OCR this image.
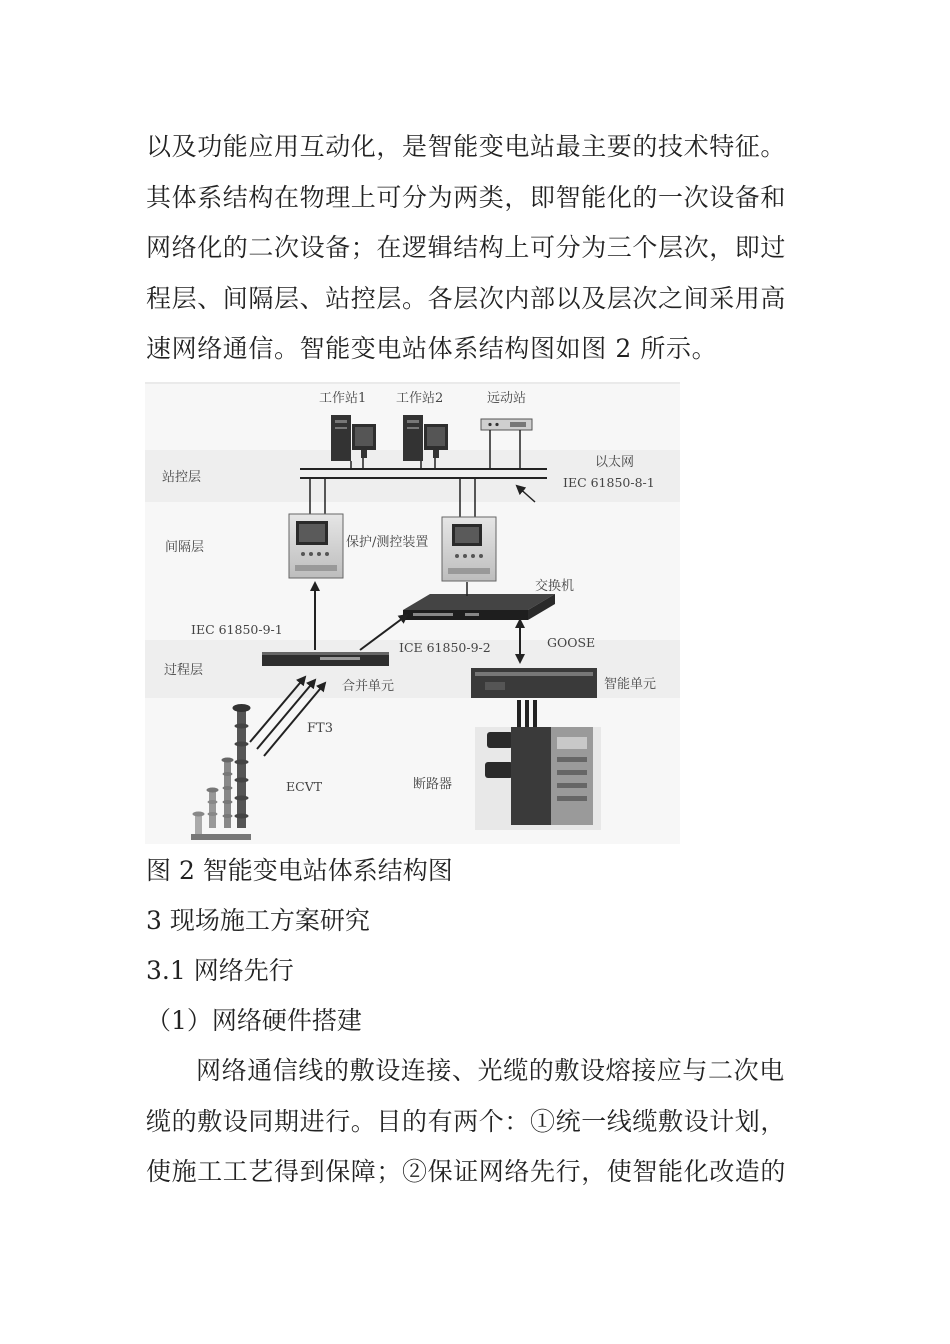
以及功能应用互动化，是智能变电站最主要的技术特征。
其体系结构在物理上可分为两类，即智能化的一次设备和
网络化的二次设备；在逻辑结构上可分为三个层次，即过
程层、间隔层、站控层。各层次内部以及层次之间采用高
速网络通信。智能变电站体系结构图如图 2 所示。
工作站1 工作站2	远动站
以太网
IEC 61850-8-1
站控层
间隔层
过程层
保护/测控装置
交换机
合并单元
IEC 61850-9-1
ICE 61850-9-2	GOOSE
智能单元
FT3
ECVT	断路器
图 2 智能变电站体系结构图
3 现场施工方案研究
3.1 网络先行
（1）网络硬件搭建
网络通信线的敷设连接、光缆的敷设熔接应与二次电
缆的敷设同期进行。目的有两个：①统一线缆敷设计划，
使施工工艺得到保障；②保证网络先行，使智能化改造的
